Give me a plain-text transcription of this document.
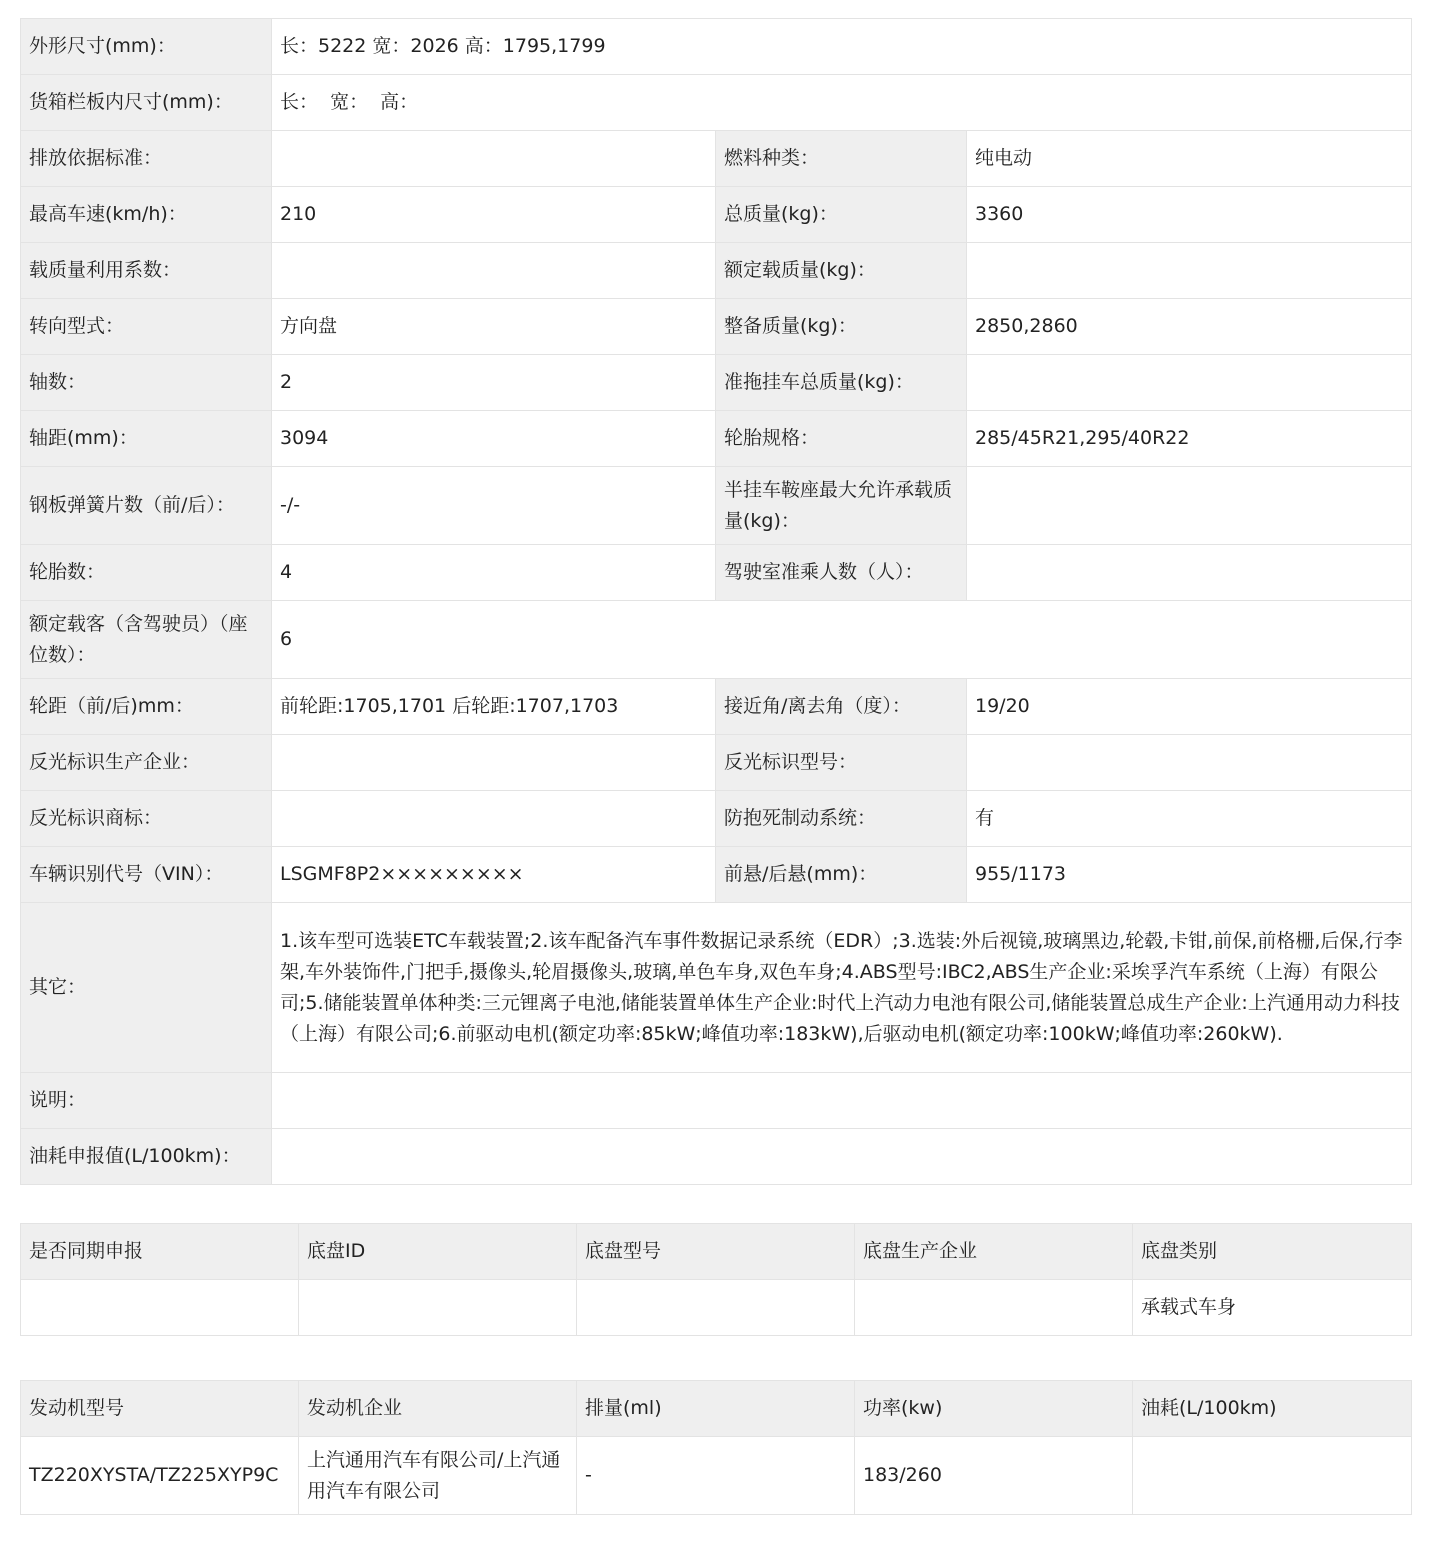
外形尺寸(mm)：	长：5222 宽：2026 高：1795,1799		
货箱栏板内尺寸(mm)：	长：  宽：  高：		
排放依据标准：		燃料种类：	纯电动
最高车速(km/h)：	210	总质量(kg)：	3360
载质量利用系数：		额定载质量(kg)：	
转向型式：	方向盘	整备质量(kg)：	2850,2860
轴数：	2	准拖挂车总质量(kg)：	
轴距(mm)：	3094	轮胎规格：	285/45R21,295/40R22
钢板弹簧片数（前/后）：	-/-	半挂车鞍座最大允许承载质量(kg)：	
轮胎数：	4	驾驶室准乘人数（人）：	
额定载客（含驾驶员）（座位数）：	6		
轮距（前/后)mm：	前轮距:1705,1701 后轮距:1707,1703	接近角/离去角（度）：	19/20
反光标识生产企业：		反光标识型号：	
反光标识商标：		防抱死制动系统：	有
车辆识别代号（VIN）：	LSGMF8P2×××××××××	前悬/后悬(mm)：	955/1173
其它：	1.该车型可选装ETC车载装置;2.该车配备汽车事件数据记录系统（EDR）;3.选装:外后视镜,玻璃黑边,轮毂,卡钳,前保,前格栅,后保,行李架,车外装饰件,门把手,摄像头,轮眉摄像头,玻璃,单色车身,双色车身;4.ABS型号:IBC2,ABS生产企业:采埃孚汽车系统（上海）有限公司;5.储能装置单体种类:三元锂离子电池,储能装置单体生产企业:时代上汽动力电池有限公司,储能装置总成生产企业:上汽通用动力科技（上海）有限公司;6.前驱动电机(额定功率:85kW;峰值功率:183kW),后驱动电机(额定功率:100kW;峰值功率:260kW).		
说明：			
油耗申报值(L/100km)：			
是否同期申报	底盘ID	底盘型号	底盘生产企业	底盘类别
				承载式车身
发动机型号	发动机企业	排量(ml)	功率(kw)	油耗(L/100km)
TZ220XYSTA/TZ225XYP9C	上汽通用汽车有限公司/上汽通用汽车有限公司	-	183/260	
